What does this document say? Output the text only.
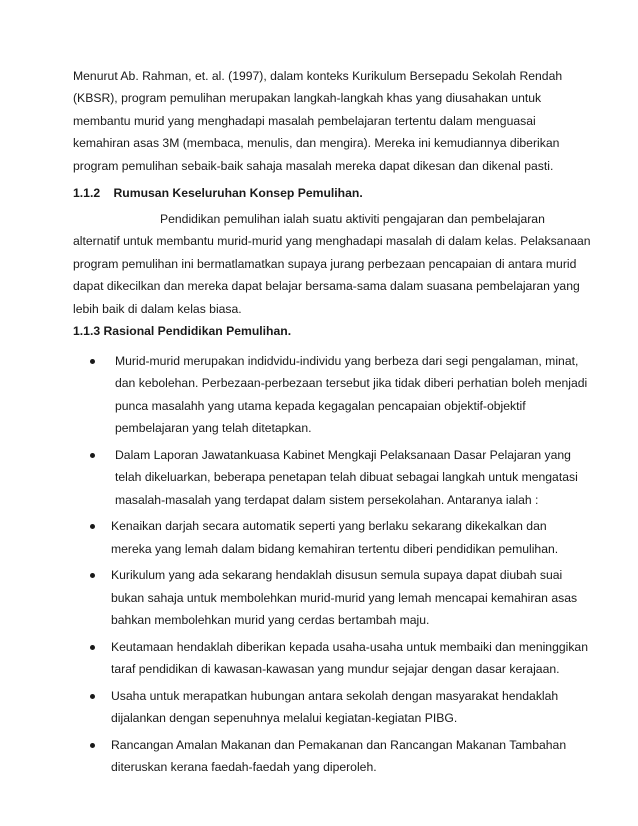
Menurut Ab. Rahman, et. al. (1997), dalam konteks Kurikulum Bersepadu Sekolah Rendah
(KBSR), program pemulihan merupakan langkah-langkah khas yang diusahakan untuk
membantu murid yang menghadapi masalah pembelajaran tertentu dalam menguasai
kemahiran asas 3M (membaca, menulis, dan mengira). Mereka ini kemudiannya diberikan
program pemulihan sebaik-baik sahaja masalah mereka dapat dikesan dan dikenal pasti.
1.1.2 Rumusan Keseluruhan Konsep Pemulihan.
Pendidikan pemulihan ialah suatu aktiviti pengajaran dan pembelajaran
alternatif untuk membantu murid-murid yang menghadapi masalah di dalam kelas. Pelaksanaan
program pemulihan ini bermatlamatkan supaya jurang perbezaan pencapaian di antara murid
dapat dikecilkan dan mereka dapat belajar bersama-sama dalam suasana pembelajaran yang
lebih baik di dalam kelas biasa.
1.1.3 Rasional Pendidikan Pemulihan.
Murid-murid merupakan indidvidu-individu yang berbeza dari segi pengalaman, minat,
dan kebolehan. Perbezaan-perbezaan tersebut jika tidak diberi perhatian boleh menjadi
punca masalahh yang utama kepada kegagalan pencapaian objektif-objektif
pembelajaran yang telah ditetapkan.
Dalam Laporan Jawatankuasa Kabinet Mengkaji Pelaksanaan Dasar Pelajaran yang
telah dikeluarkan, beberapa penetapan telah dibuat sebagai langkah untuk mengatasi
masalah-masalah yang terdapat dalam sistem persekolahan. Antaranya ialah :
Kenaikan darjah secara automatik seperti yang berlaku sekarang dikekalkan dan
mereka yang lemah dalam bidang kemahiran tertentu diberi pendidikan pemulihan.
Kurikulum yang ada sekarang hendaklah disusun semula supaya dapat diubah suai
bukan sahaja untuk membolehkan murid-murid yang lemah mencapai kemahiran asas
bahkan membolehkan murid yang cerdas bertambah maju.
Keutamaan hendaklah diberikan kepada usaha-usaha untuk membaiki dan meninggikan
taraf pendidikan di kawasan-kawasan yang mundur sejajar dengan dasar kerajaan.
Usaha untuk merapatkan hubungan antara sekolah dengan masyarakat hendaklah
dijalankan dengan sepenuhnya melalui kegiatan-kegiatan PIBG.
Rancangan Amalan Makanan dan Pemakanan dan Rancangan Makanan Tambahan
diteruskan kerana faedah-faedah yang diperoleh.
